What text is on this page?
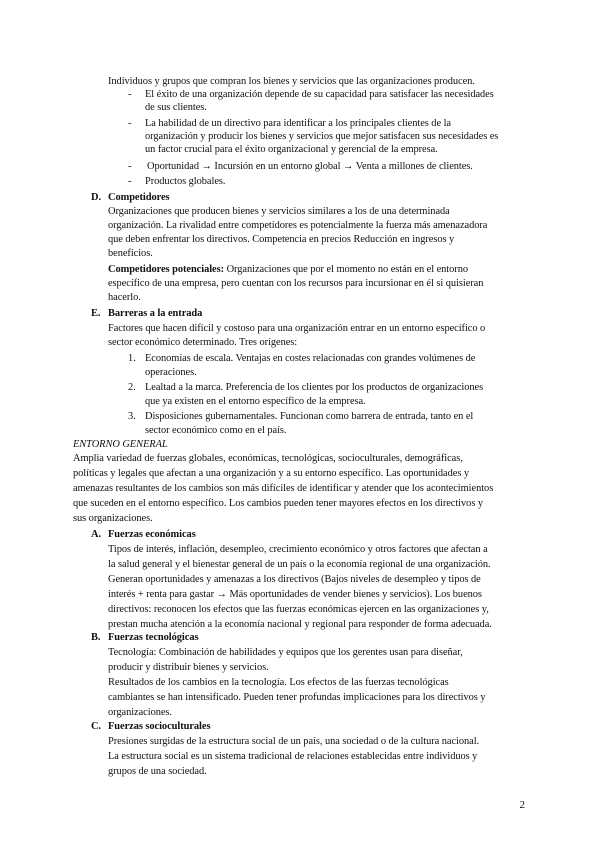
Individuos y grupos que compran los bienes y servicios que las organizaciones producen.
- El éxito de una organización depende de su capacidad para satisfacer las necesidades
de sus clientes.
- La habilidad de un directivo para identificar a los principales clientes de la
organización y producir los bienes y servicios que mejor satisfacen sus necesidades es
un factor crucial para el éxito organizacional y gerencial de la empresa.
- Oportunidad → Incursión en un entorno global → Venta a millones de clientes.
- Productos globales.
D. Competidores
Organizaciones que producen bienes y servicios similares a los de una determinada
organización. La rivalidad entre competidores es potencialmente la fuerza más amenazadora
que deben enfrentar los directivos. Competencia en precios Reducción en ingresos y
beneficios.
Competidores potenciales: Organizaciones que por el momento no están en el entorno
específico de una empresa, pero cuentan con los recursos para incursionar en él si quisieran
hacerlo.
E. Barreras a la entrada
Factores que hacen difícil y costoso para una organización entrar en un entorno específico o
sector económico determinado. Tres orígenes:
1. Economías de escala. Ventajas en costes relacionadas con grandes volúmenes de
operaciones.
2. Lealtad a la marca. Preferencia de los clientes por los productos de organizaciones
que ya existen en el entorno específico de la empresa.
3. Disposiciones gubernamentales. Funcionan como barrera de entrada, tanto en el
sector económico como en el país.
ENTORNO GENERAL
Amplia variedad de fuerzas globales, económicas, tecnológicas, socioculturales, demográficas,
políticas y legales que afectan a una organización y a su entorno específico. Las oportunidades y
amenazas resultantes de los cambios son más difíciles de identificar y atender que los acontecimientos
que suceden en el entorno específico. Los cambios pueden tener mayores efectos en los directivos y
sus organizaciones.
A. Fuerzas económicas
Tipos de interés, inflación, desempleo, crecimiento económico y otros factores que afectan a
la salud general y el bienestar general de un país o la economía regional de una organización.
Generan oportunidades y amenazas a los directivos (Bajos niveles de desempleo y tipos de
interés + renta para gastar → Más oportunidades de vender bienes y servicios). Los buenos
directivos: reconocen los efectos que las fuerzas económicas ejercen en las organizaciones y,
prestan mucha atención a la economía nacional y regional para responder de forma adecuada.
B. Fuerzas tecnológicas
Tecnología: Combinación de habilidades y equipos que los gerentes usan para diseñar,
producir y distribuir bienes y servicios.
Resultados de los cambios en la tecnología. Los efectos de las fuerzas tecnológicas
cambiantes se han intensificado. Pueden tener profundas implicaciones para los directivos y
organizaciones.
C. Fuerzas socioculturales
Presiones surgidas de la estructura social de un país, una sociedad o de la cultura nacional.
La estructura social es un sistema tradicional de relaciones establecidas entre individuos y
grupos de una sociedad.
2
